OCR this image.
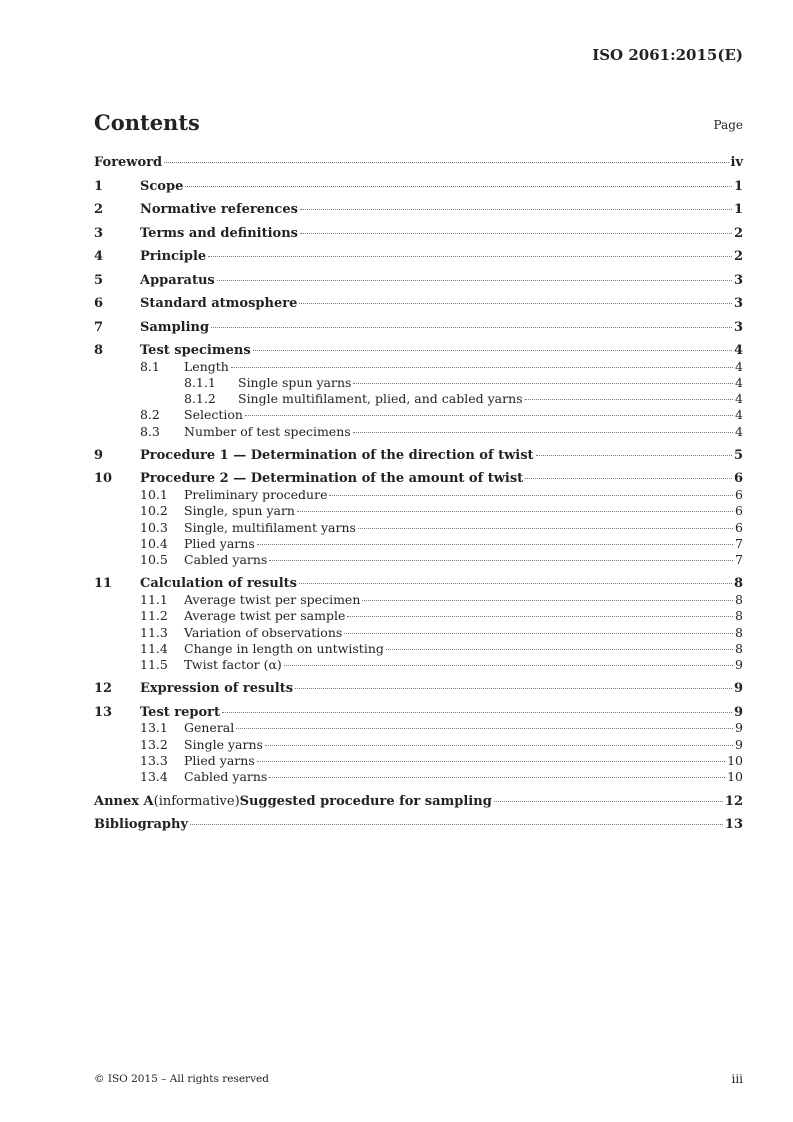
ISO 2061:2015(E)
Contents	Page
Foreword	iv
1	Scope	1
2	Normative references	1
3	Terms and definitions	2
4	Principle	2
5	Apparatus	3
6	Standard atmosphere	3
7	Sampling	3
8	Test specimens	4
8.1	Length	4
8.1.1	Single spun yarns	4
8.1.2	Single multifilament, plied, and cabled yarns	4
8.2	Selection	4
8.3	Number of test specimens	4
9	Procedure 1 — Determination of the direction of twist	5
10	Procedure 2 — Determination of the amount of twist	6
10.1	Preliminary procedure	6
10.2	Single, spun yarn	6
10.3	Single, multifilament yarns	6
10.4	Plied yarns	7
10.5	Cabled yarns	7
11	Calculation of results	8
11.1	Average twist per specimen	8
11.2	Average twist per sample	8
11.3	Variation of observations	8
11.4	Change in length on untwisting	8
11.5	Twist factor (α)	9
12	Expression of results	9
13	Test report	9
13.1	General	9
13.2	Single yarns	9
13.3	Plied yarns	10
13.4	Cabled yarns	10
Annex A (informative) Suggested procedure for sampling	12
Bibliography	13
© ISO 2015 – All rights reserved	iii
